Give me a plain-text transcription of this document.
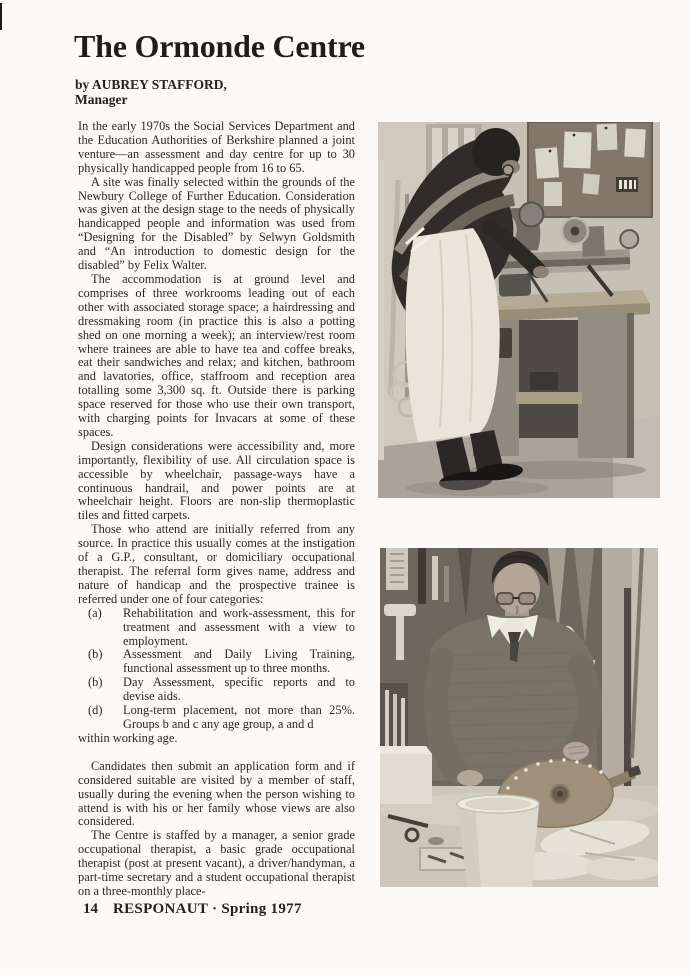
The Ormonde Centre
by AUBREY STAFFORD,
Manager

In the early 1970s the Social Services Department and the Education Authorities of Berkshire planned a joint venture—an assessment and day centre for up to 30 physically handicapped people from 16 to 65.

A site was finally selected within the grounds of the Newbury College of Further Education. Consideration was given at the design stage to the needs of physically handicapped people and information was used from “Designing for the Disabled” by Selwyn Goldsmith and “An introduction to domestic design for the disabled” by Felix Walter.

The accommodation is at ground level and comprises of three workrooms leading out of each other with associated storage space; a hairdressing and dressmaking room (in practice this is also a potting shed on one morning a week); an interview/rest room where trainees are able to have tea and coffee breaks, eat their sandwiches and relax; and kitchen, bathroom and lavatories, office, staffroom and reception area totalling some 3,300 sq. ft. Outside there is parking space reserved for those who use their own transport, with charging points for Invacars at some of these spaces.

Design considerations were accessibility and, more importantly, flexibility of use. All circulation space is accessible by wheelchair, passage-ways have a continuous handrail, and power points are at wheelchair height. Floors are non-slip thermoplastic tiles and fitted carpets.

Those who attend are initially referred from any source. In practice this usually comes at the instigation of a G.P., consultant, or domiciliary occupational therapist. The referral form gives name, address and nature of handicap and the prospective trainee is referred under one of four categories:

(a) Rehabilitation and work-assessment, this for treatment and assessment with a view to employment.
(b) Assessment and Daily Living Training, functional assessment up to three months.
(b) Day Assessment, specific reports and to devise aids.
(d) Long-term placement, not more than 25%. Groups b and c any age group, a and d

within working age.

Candidates then submit an application form and if considered suitable are visited by a member of staff, usually during the evening when the person wishing to attend is with his or her family whose views are also considered.

The Centre is staffed by a manager, a senior grade occupational therapist, a basic grade occupational therapist (post at present vacant), a driver/handyman, a part-time secretary and a student occupational therapist on a three-monthly place-

14 RESPONAUT · Spring 1977
